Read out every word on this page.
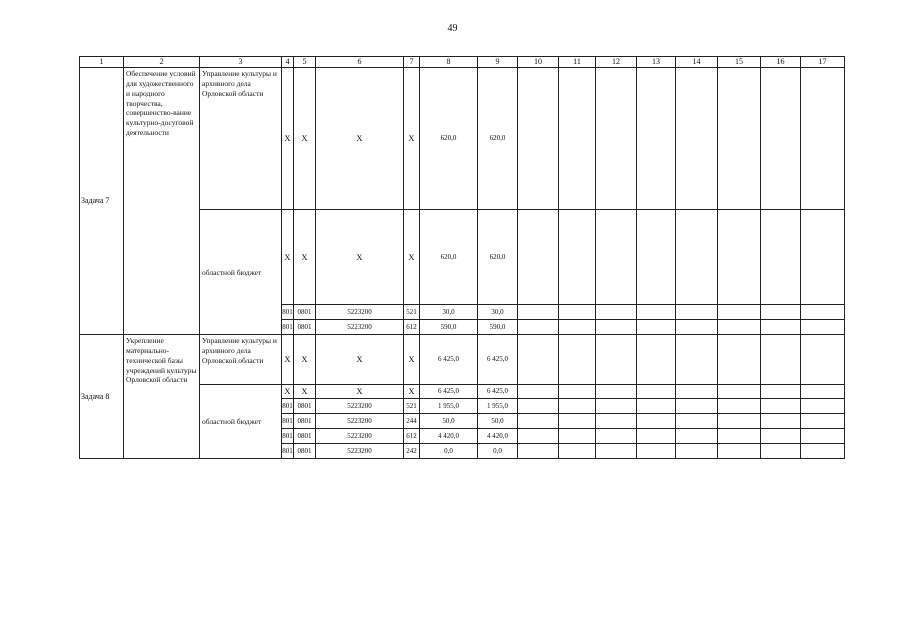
49
1	2	3	4	5	6	7	8	9	10	11	12	13	14	15	16	17
Задача 7	Обеспечение условий для художественного и народного творчества, совершенство-вание культурно-досуговой деятельности	Управление культуры и архивного дела Орловской области	Х	Х	Х	Х	620,0	620,0								
		областной бюджет	Х	Х	Х	Х	620,0	620,0								
			801	0801	5223200	521	30,0	30,0								
			801	0801	5223200	612	590,0	590,0								
Задача 8	Укрепление материально-технической базы учреждений культуры Орловской области	Управление культуры и архивного дела Орловской области	Х	Х	Х	Х	6 425,0	6 425,0								
		областной бюджет	Х	Х	Х	Х	6 425,0	6 425,0								
			801	0801	5223200	521	1 955,0	1 955,0								
			801	0801	5223200	244	50,0	50,0								
			801	0801	5223200	612	4 420,0	4 420,0								
			801	0801	5223200	242	0,0	0,0								
